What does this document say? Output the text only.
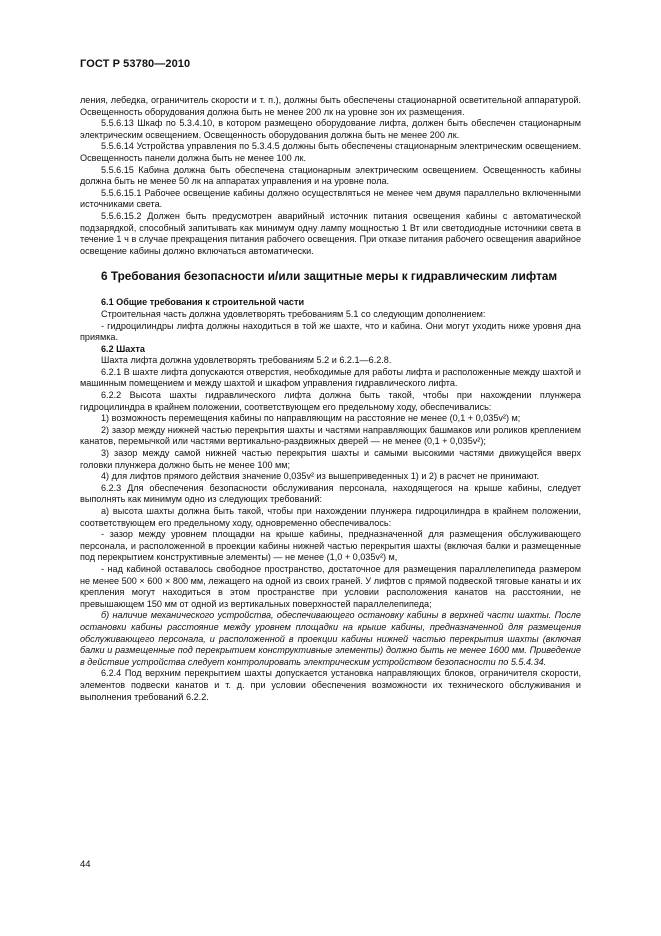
ГОСТ Р 53780—2010

ления, лебедка, ограничитель скорости и т. п.), должны быть обеспечены стационарной осветительной аппаратурой. Освещенность оборудования должна быть не менее 200 лк на уровне зон их размещения.

5.5.6.13 Шкаф по 5.3.4.10, в котором размещено оборудование лифта, должен быть обеспечен стационарным электрическим освещением. Освещенность оборудования должна быть не менее 200 лк.

5.5.6.14 Устройства управления по 5.3.4.5 должны быть обеспечены стационарным электрическим освещением. Освещенность панели должна быть не менее 100 лк.

5.5.6.15 Кабина должна быть обеспечена стационарным электрическим освещением. Освещенность кабины должна быть не менее 50 лк на аппаратах управления и на уровне пола.

5.5.6.15.1 Рабочее освещение кабины должно осуществляться не менее чем двумя параллельно включенными источниками света.

5.5.6.15.2 Должен быть предусмотрен аварийный источник питания освещения кабины с автоматической подзарядкой, способный запитывать как минимум одну лампу мощностью 1 Вт или светодиодные источники света в течение 1 ч в случае прекращения питания рабочего освещения. При отказе питания рабочего освещения аварийное освещение кабины должно включаться автоматически.

6 Требования безопасности и/или защитные меры к гидравлическим лифтам
6.1 Общие требования к строительной части

Строительная часть должна удовлетворять требованиям 5.1 со следующим дополнением:

- гидроцилиндры лифта должны находиться в той же шахте, что и кабина. Они могут уходить ниже уровня дна приямка.

6.2 Шахта

Шахта лифта должна удовлетворять требованиям 5.2 и 6.2.1—6.2.8.

6.2.1 В шахте лифта допускаются отверстия, необходимые для работы лифта и расположенные между шахтой и машинным помещением и между шахтой и шкафом управления гидравлического лифта.

6.2.2 Высота шахты гидравлического лифта должна быть такой, чтобы при нахождении плунжера гидроцилиндра в крайнем положении, соответствующем его предельному ходу, обеспечивались:

1) возможность перемещения кабины по направляющим на расстояние не менее (0,1 + 0,035v²) м;

2) зазор между нижней частью перекрытия шахты и частями направляющих башмаков или роликов креплением канатов, перемычкой или частями вертикально-раздвижных дверей — не менее (0,1 + 0,035v²);

3) зазор между самой нижней частью перекрытия шахты и самыми высокими частями движущейся вверх головки плунжера должно быть не менее 100 мм;

4) для лифтов прямого действия значение 0,035v² из вышеприведенных 1) и 2) в расчет не принимают.

6.2.3 Для обеспечения безопасности обслуживания персонала, находящегося на крыше кабины, следует выполнять как минимум одно из следующих требований:

а) высота шахты должна быть такой, чтобы при нахождении плунжера гидроцилиндра в крайнем положении, соответствующем его предельному ходу, одновременно обеспечивалось:

- зазор между уровнем площадки на крыше кабины, предназначенной для размещения обслуживающего персонала, и расположенной в проекции кабины нижней частью перекрытия шахты (включая балки и размещенные под перекрытием конструктивные элементы) — не менее (1,0 + 0,035v²) м,

- над кабиной оставалось свободное пространство, достаточное для размещения параллелепипеда размером не менее 500 × 600 × 800 мм, лежащего на одной из своих граней. У лифтов с прямой подвеской тяговые канаты и их крепления могут находиться в этом пространстве при условии расположения канатов на расстоянии, не превышающем 150 мм от одной из вертикальных поверхностей параллелепипеда;

б) наличие механического устройства, обеспечивающего остановку кабины в верхней части шахты. После остановки кабины расстояние между уровнем площадки на крыше кабины, предназначенной для размещения обслуживающего персонала, и расположенной в проекции кабины нижней частью перекрытия шахты (включая балки и размещенные под перекрытием конструктивные элементы) должно быть не менее 1600 мм. Приведение в действие устройства следует контролировать электрическим устройством безопасности по 5.5.4.34.

6.2.4 Под верхним перекрытием шахты допускается установка направляющих блоков, ограничителя скорости, элементов подвески канатов и т. д. при условии обеспечения возможности их технического обслуживания и выполнения требований 6.2.2.

44
